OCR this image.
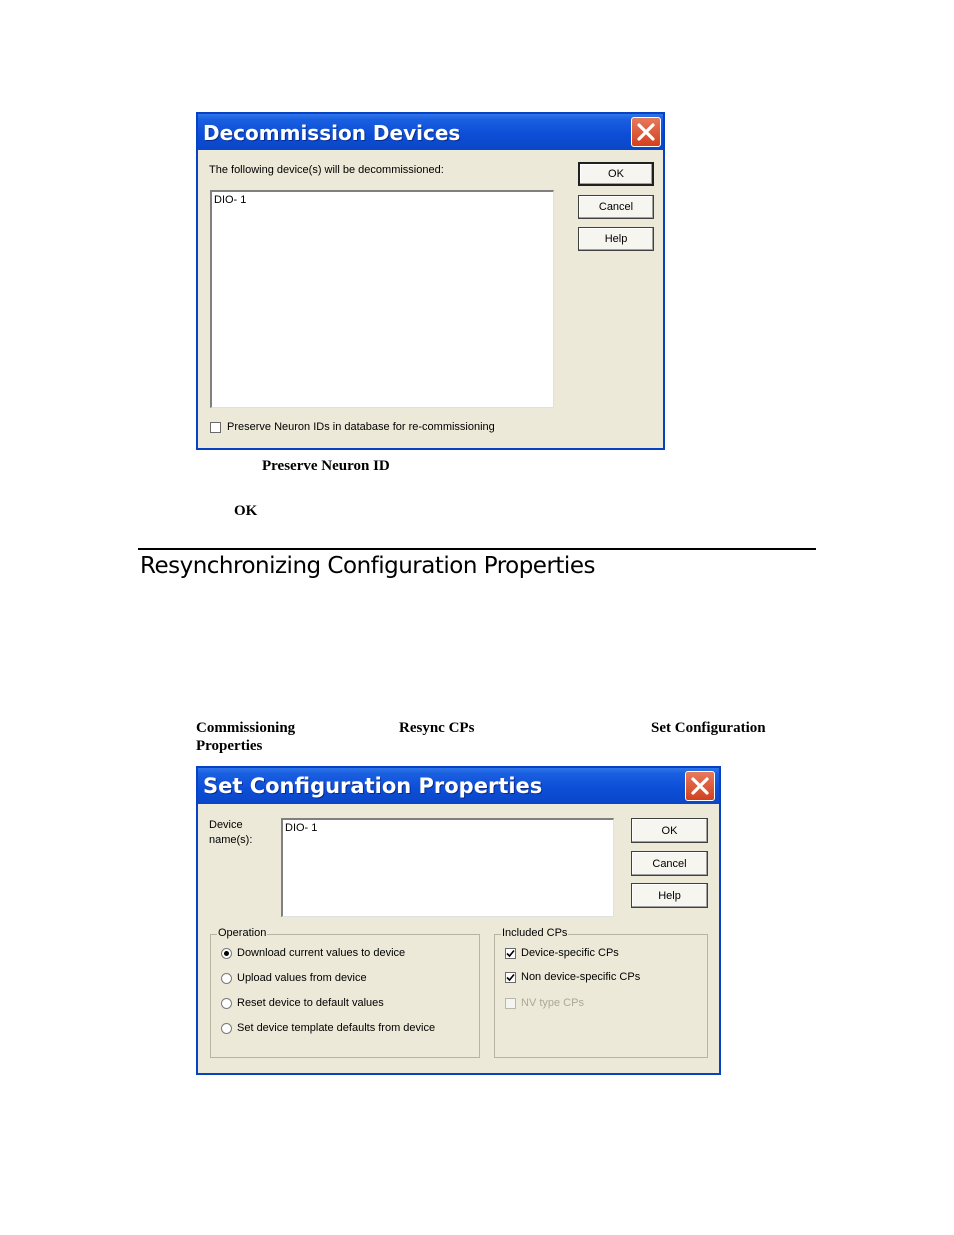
Decommission Devices
The following device(s) will be decommissioned:
DIO- 1
OK
Cancel
Help
Preserve Neuron IDs in database for re-commissioning
Preserve Neuron ID
OK
Resynchronizing Configuration Properties
Commissioning
Properties
Resync CPs	Set Configuration
Set Configuration Properties
Device
name(s):
DIO- 1	OK
Cancel
Help
Operation
Download current values to device
Upload values from device
Reset device to default values
Set device template defaults from device
Included CPs
Device-specific CPs
Non device-specific CPs
NV type CPs
